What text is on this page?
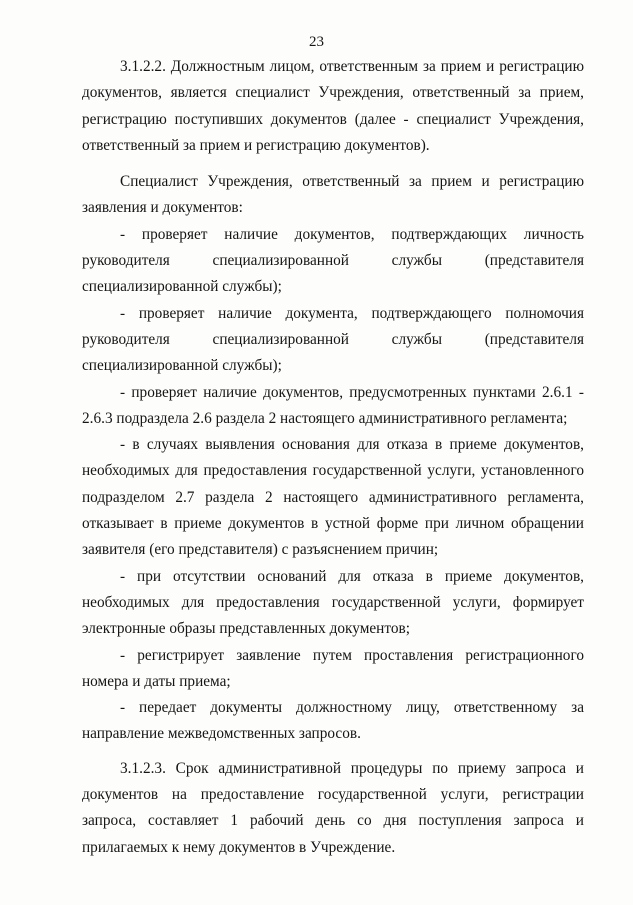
23

3.1.2.2. Должностным лицом, ответственным за прием и регистрацию документов, является специалист Учреждения, ответственный за прием, регистрацию поступивших документов (далее - специалист Учреждения, ответственный за прием и регистрацию документов).

Специалист Учреждения, ответственный за прием и регистрацию заявления и документов:

- проверяет наличие документов, подтверждающих личность руководителя специализированной службы (представителя специализированной службы);

- проверяет наличие документа, подтверждающего полномочия руководителя специализированной службы (представителя специализированной службы);

- проверяет наличие документов, предусмотренных пунктами 2.6.1 - 2.6.3 подраздела 2.6 раздела 2 настоящего административного регламента;

- в случаях выявления основания для отказа в приеме документов, необходимых для предоставления государственной услуги, установленного подразделом 2.7 раздела 2 настоящего административного регламента, отказывает в приеме документов в устной форме при личном обращении заявителя (его представителя) с разъяснением причин;

- при отсутствии оснований для отказа в приеме документов, необходимых для предоставления государственной услуги, формирует электронные образы представленных документов;

- регистрирует заявление путем проставления регистрационного номера и даты приема;

- передает документы должностному лицу, ответственному за направление межведомственных запросов.

3.1.2.3. Срок административной процедуры по приему запроса и документов на предоставление государственной услуги, регистрации запроса, составляет 1 рабочий день со дня поступления запроса и прилагаемых к нему документов в Учреждение.
